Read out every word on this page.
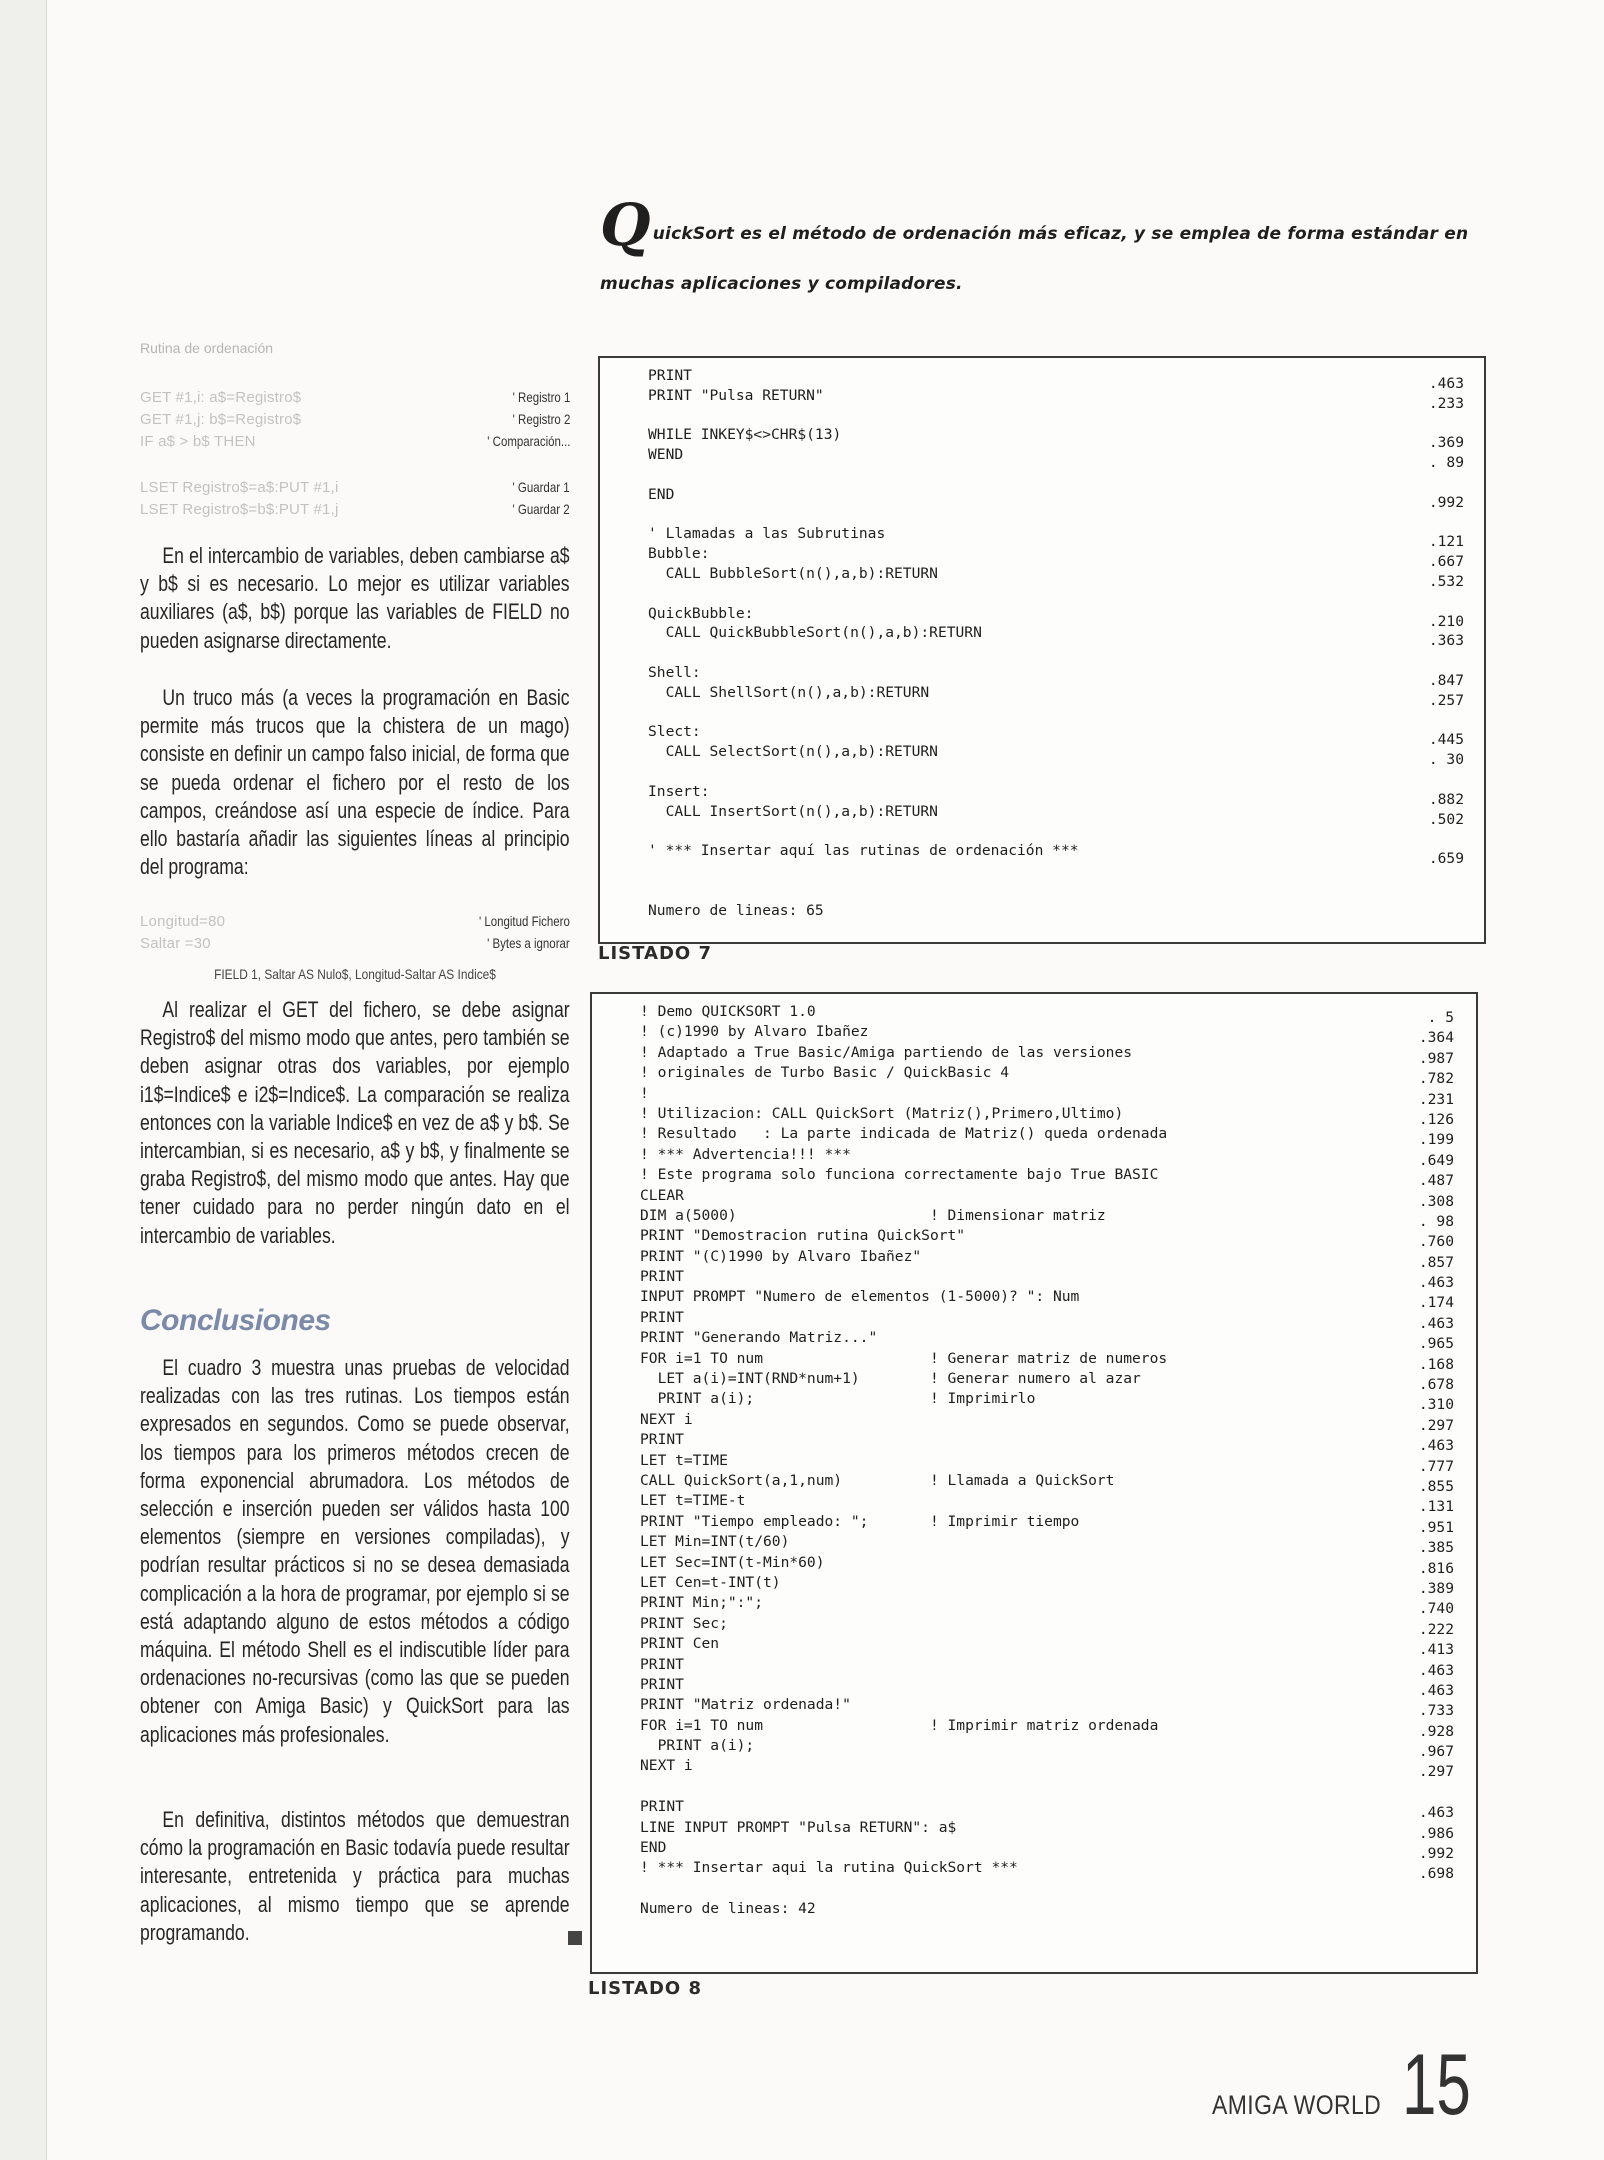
QuickSort es el método de ordenación más eficaz, y se emplea de forma estándar en muchas aplicaciones y compiladores.
Rutina de ordenación
GET #1,i: a$=Registro$	' Registro 1
GET #1,j: b$=Registro$	' Registro 2
IF a$ > b$ THEN	' Comparación...
LSET Registro$=a$:PUT #1,i	' Guardar 1
LSET Registro$=b$:PUT #1,j	' Guardar 2

En el intercambio de variables, deben cambiarse a$ y b$ si es necesario. Lo mejor es utilizar variables auxiliares (a$, b$) porque las variables de FIELD no pueden asignarse directamente.

Un truco más (a veces la programación en Basic permite más trucos que la chistera de un mago) consiste en definir un campo falso inicial, de forma que se pueda ordenar el fichero por el resto de los campos, creándose así una especie de índice. Para ello bastaría añadir las siguientes líneas al principio del programa:

Longitud=80	' Longitud Fichero
Saltar =30	' Bytes a ignorar
FIELD 1, Saltar AS Nulo$, Longitud-Saltar AS Indice$

Al realizar el GET del fichero, se debe asignar Registro$ del mismo modo que antes, pero también se deben asignar otras dos variables, por ejemplo i1$=Indice$ e i2$=Indice$. La comparación se realiza entonces con la variable Indice$ en vez de a$ y b$. Se intercambian, si es necesario, a$ y b$, y finalmente se graba Registro$, del mismo modo que antes. Hay que tener cuidado para no perder ningún dato en el intercambio de variables.

Conclusiones

El cuadro 3 muestra unas pruebas de velocidad realizadas con las tres rutinas. Los tiempos están expresados en segundos. Como se puede observar, los tiempos para los primeros métodos crecen de forma exponencial abrumadora. Los métodos de selección e inserción pueden ser válidos hasta 100 elementos (siempre en versiones compiladas), y podrían resultar prácticos si no se desea demasiada complicación a la hora de programar, por ejemplo si se está adaptando alguno de estos métodos a código máquina. El método Shell es el indiscutible líder para ordenaciones no-recursivas (como las que se pueden obtener con Amiga Basic) y QuickSort para las aplicaciones más profesionales.

En definitiva, distintos métodos que demuestran cómo la programación en Basic todavía puede resultar interesante, entretenida y práctica para muchas aplicaciones, al mismo tiempo que se aprende programando.

PRINT
PRINT "Pulsa RETURN"

WHILE INKEY$<>CHR$(13)
WEND

END

' Llamadas a las Subrutinas
Bubble:
CALL BubbleSort(n(),a,b):RETURN

QuickBubble:
CALL QuickBubbleSort(n(),a,b):RETURN

Shell:
CALL ShellSort(n(),a,b):RETURN

Slect:
CALL SelectSort(n(),a,b):RETURN

Insert:
CALL InsertSort(n(),a,b):RETURN

' *** Insertar aquí las rutinas de ordenación ***

Numero de lineas: 65
.463
.233

.369
. 89

.992

.121
.667
.532

.210
.363

.847
.257

.445
. 30

.882
.502

.659

LISTADO 7
! Demo QUICKSORT 1.0
! (c)1990 by Alvaro Ibañez
! Adaptado a True Basic/Amiga partiendo de las versiones
! originales de Turbo Basic / QuickBasic 4
!
! Utilizacion: CALL QuickSort (Matriz(),Primero,Ultimo)
! Resultado   : La parte indicada de Matriz() queda ordenada
! *** Advertencia!!! ***
! Este programa solo funciona correctamente bajo True BASIC
CLEAR
DIM a(5000)                      ! Dimensionar matriz
PRINT "Demostracion rutina QuickSort"
PRINT "(C)1990 by Alvaro Ibañez"
PRINT
INPUT PROMPT "Numero de elementos (1-5000)? ": Num
PRINT
PRINT "Generando Matriz..."
FOR i=1 TO num                   ! Generar matriz de numeros
LET a(i)=INT(RND*num+1)        ! Generar numero al azar
PRINT a(i);                    ! Imprimirlo
NEXT i
PRINT
LET t=TIME
CALL QuickSort(a,1,num)          ! Llamada a QuickSort
LET t=TIME-t
PRINT "Tiempo empleado: ";       ! Imprimir tiempo
LET Min=INT(t/60)
LET Sec=INT(t-Min*60)
LET Cen=t-INT(t)
PRINT Min;":";
PRINT Sec;
PRINT Cen
PRINT
PRINT
PRINT "Matriz ordenada!"
FOR i=1 TO num                   ! Imprimir matriz ordenada
PRINT a(i);
NEXT i

PRINT
LINE INPUT PROMPT "Pulsa RETURN": a$
END
! *** Insertar aqui la rutina QuickSort ***

Numero de lineas: 42
. 5
.364
.987
.782
.231
.126
.199
.649
.487
.308
. 98
.760
.857
.463
.174
.463
.965
.168
.678
.310
.297
.463
.777
.855
.131
.951
.385
.816
.389
.740
.222
.413
.463
.463
.733
.928
.967
.297

.463
.986
.992
.698

LISTADO 8
AMIGA WORLD 15
